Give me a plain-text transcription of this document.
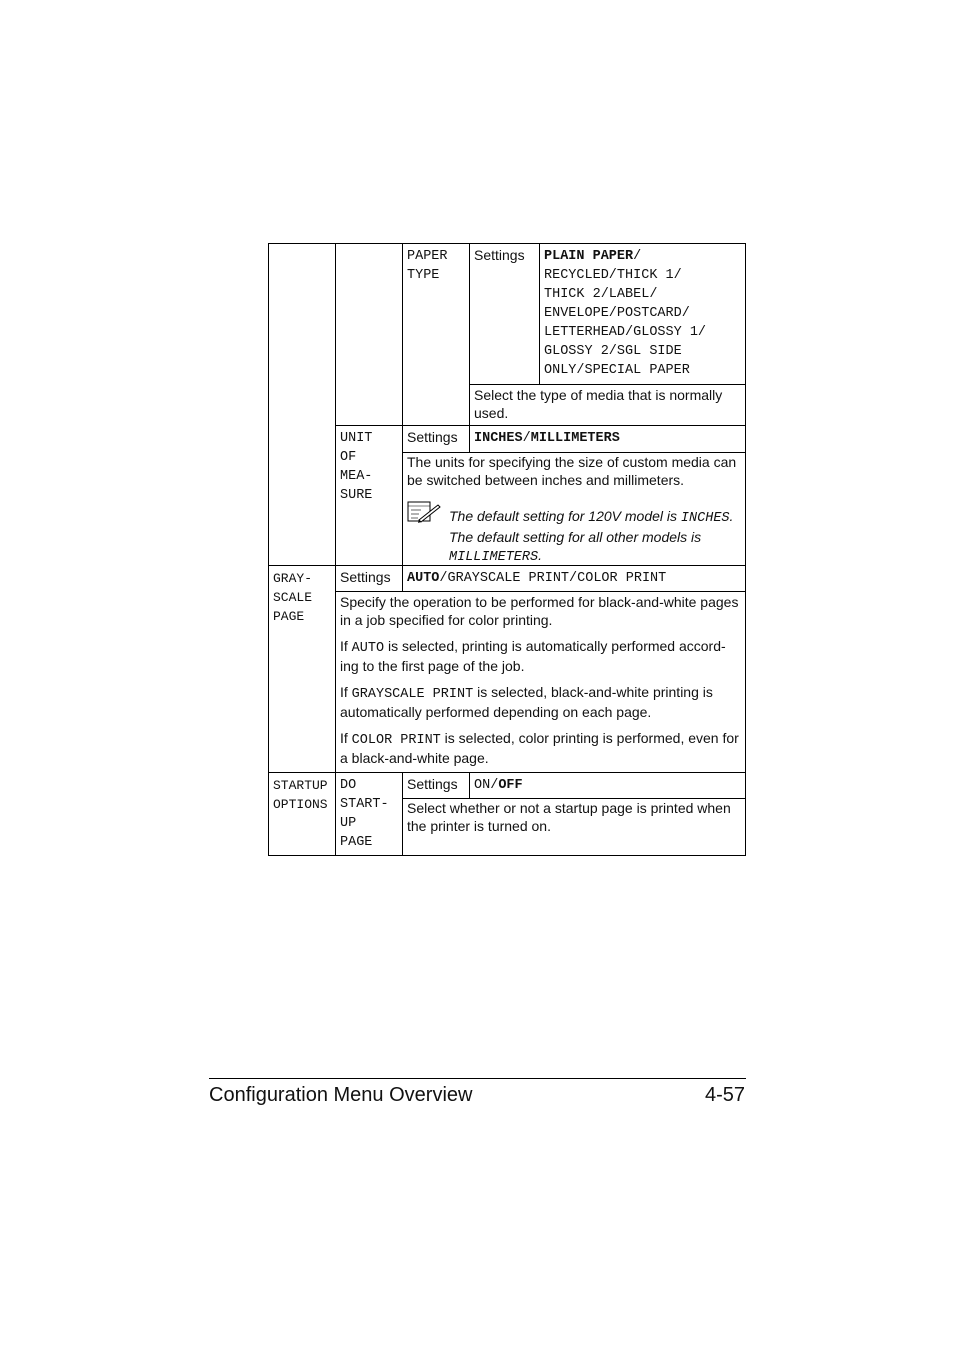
PAPER
TYPE
Settings PLAIN PAPER/
RECYCLED/THICK 1/
THICK 2/LABEL/
ENVELOPE/POSTCARD/
LETTERHEAD/GLOSSY 1/
GLOSSY 2/SGL SIDE
ONLY/SPECIAL PAPER
Select the type of media that is normally used.
UNIT
OF
MEA-
SURE
Settings INCHES/MILLIMETERS
The units for specifying the size of custom media can be switched between inches and millimeters.
The default setting for 120V model is INCHES. The default setting for all other models is MILLIMETERS.
GRAY-
SCALE
PAGE
Settings AUTO/GRAYSCALE PRINT/COLOR PRINT

Specify the operation to be performed for black-and-white pages in a job specified for color printing.

If AUTO is selected, printing is automatically performed accord-ing to the first page of the job.

If GRAYSCALE PRINT is selected, black-and-white printing is automatically performed depending on each page.

If COLOR PRINT is selected, color printing is performed, even for a black-and-white page.

STARTUP
OPTIONS
DO
START-
UP
PAGE
Settings ON/OFF
Select whether or not a startup page is printed when the printer is turned on.
Configuration Menu Overview	4-57
